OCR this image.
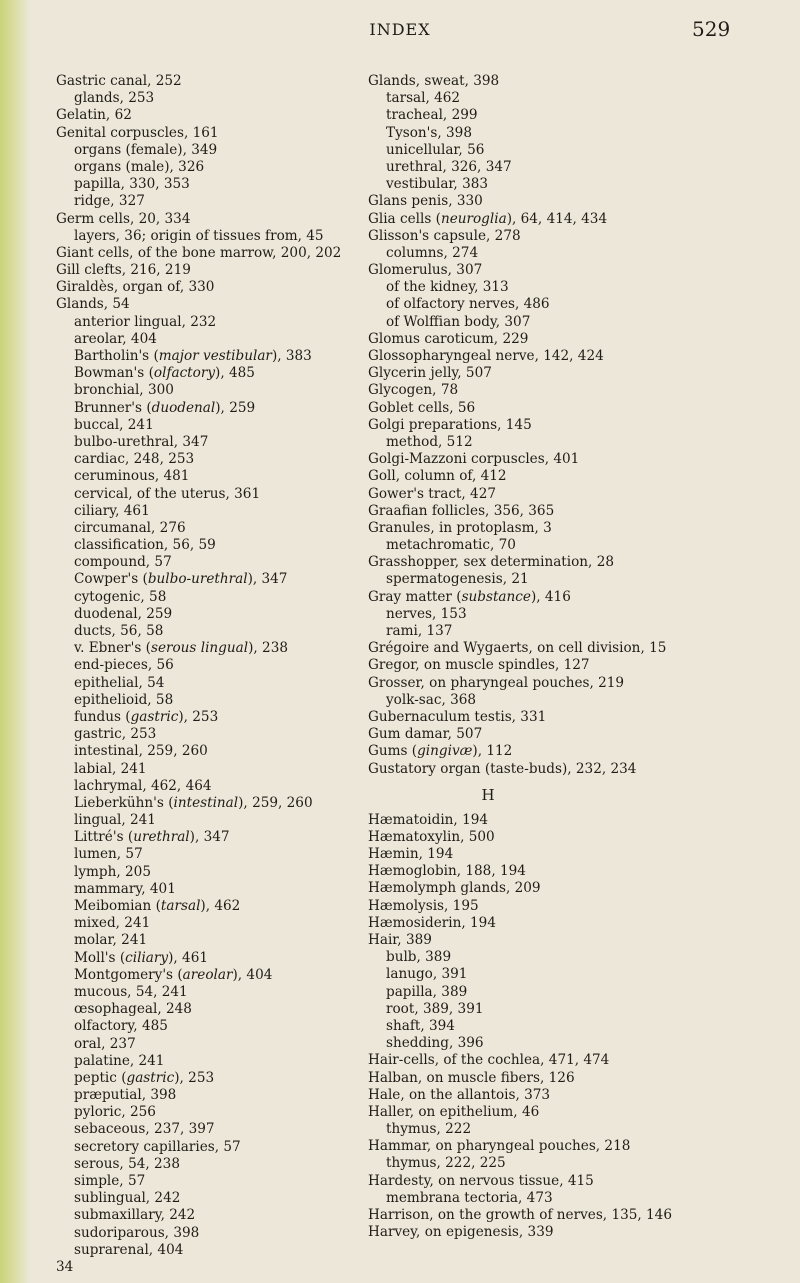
INDEX	529
Gastric canal, 252
glands, 253
Gelatin, 62
Genital corpuscles, 161
organs (female), 349
organs (male), 326
papilla, 330, 353
ridge, 327
Germ cells, 20, 334
layers, 36; origin of tissues from, 45
Giant cells, of the bone marrow, 200, 202
Gill clefts, 216, 219
Giraldès, organ of, 330
Glands, 54
anterior lingual, 232
areolar, 404
Bartholin's (major vestibular), 383
Bowman's (olfactory), 485
bronchial, 300
Brunner's (duodenal), 259
buccal, 241
bulbo-urethral, 347
cardiac, 248, 253
ceruminous, 481
cervical, of the uterus, 361
ciliary, 461
circumanal, 276
classification, 56, 59
compound, 57
Cowper's (bulbo-urethral), 347
cytogenic, 58
duodenal, 259
ducts, 56, 58
v. Ebner's (serous lingual), 238
end-pieces, 56
epithelial, 54
epithelioid, 58
fundus (gastric), 253
gastric, 253
intestinal, 259, 260
labial, 241
lachrymal, 462, 464
Lieberkühn's (intestinal), 259, 260
lingual, 241
Littré's (urethral), 347
lumen, 57
lymph, 205
mammary, 401
Meibomian (tarsal), 462
mixed, 241
molar, 241
Moll's (ciliary), 461
Montgomery's (areolar), 404
mucous, 54, 241
œsophageal, 248
olfactory, 485
oral, 237
palatine, 241
peptic (gastric), 253
præputial, 398
pyloric, 256
sebaceous, 237, 397
secretory capillaries, 57
serous, 54, 238
simple, 57
sublingual, 242
submaxillary, 242
sudoriparous, 398
suprarenal, 404
34
Glands, sweat, 398
tarsal, 462
tracheal, 299
Tyson's, 398
unicellular, 56
urethral, 326, 347
vestibular, 383
Glans penis, 330
Glia cells (neuroglia), 64, 414, 434
Glisson's capsule, 278
columns, 274
Glomerulus, 307
of the kidney, 313
of olfactory nerves, 486
of Wolffian body, 307
Glomus caroticum, 229
Glossopharyngeal nerve, 142, 424
Glycerin jelly, 507
Glycogen, 78
Goblet cells, 56
Golgi preparations, 145
method, 512
Golgi-Mazzoni corpuscles, 401
Goll, column of, 412
Gower's tract, 427
Graafian follicles, 356, 365
Granules, in protoplasm, 3
metachromatic, 70
Grasshopper, sex determination, 28
spermatogenesis, 21
Gray matter (substance), 416
nerves, 153
rami, 137
Grégoire and Wygaerts, on cell division, 15
Gregor, on muscle spindles, 127
Grosser, on pharyngeal pouches, 219
yolk-sac, 368
Gubernaculum testis, 331
Gum damar, 507
Gums (gingivæ), 112
Gustatory organ (taste-buds), 232, 234
H
Hæmatoidin, 194
Hæmatoxylin, 500
Hæmin, 194
Hæmoglobin, 188, 194
Hæmolymph glands, 209
Hæmolysis, 195
Hæmosiderin, 194
Hair, 389
bulb, 389
lanugo, 391
papilla, 389
root, 389, 391
shaft, 394
shedding, 396
Hair-cells, of the cochlea, 471, 474
Halban, on muscle fibers, 126
Hale, on the allantois, 373
Haller, on epithelium, 46
thymus, 222
Hammar, on pharyngeal pouches, 218
thymus, 222, 225
Hardesty, on nervous tissue, 415
membrana tectoria, 473
Harrison, on the growth of nerves, 135, 146
Harvey, on epigenesis, 339
